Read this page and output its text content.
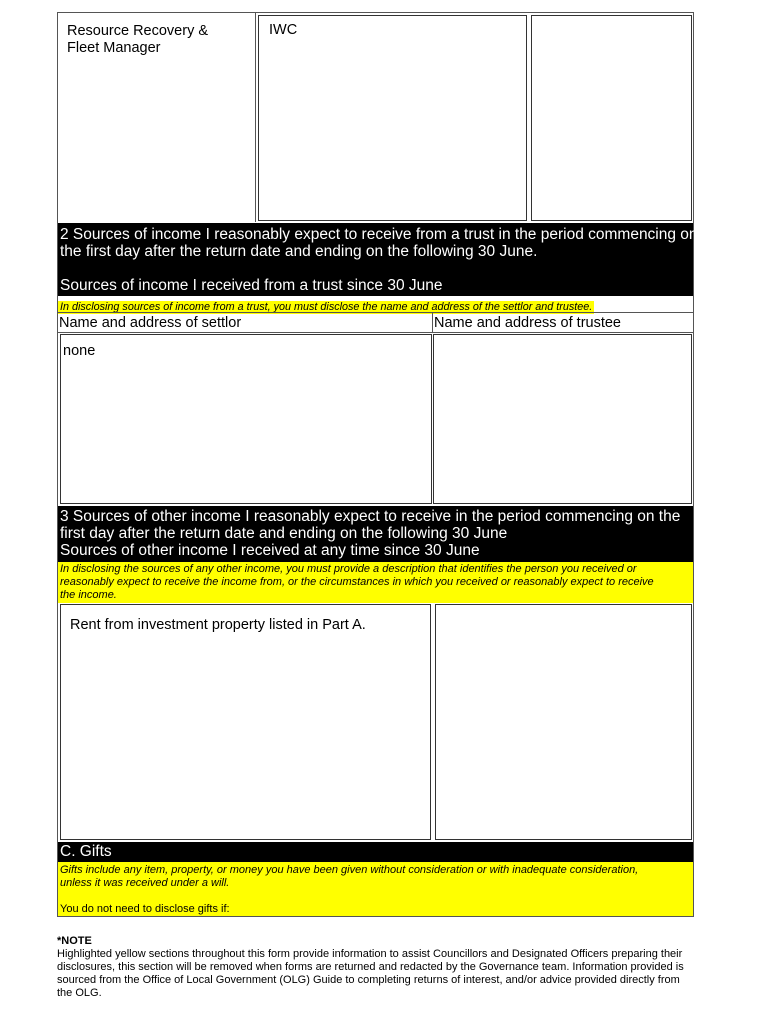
Resource Recovery & Fleet Manager
IWC
2 Sources of income I reasonably expect to receive from a trust in the period commencing on
the first day after the return date and ending on the following 30 June.
Sources of income I received from a trust since 30 June
In disclosing sources of income from a trust, you must disclose the name and address of the settlor and trustee.
Name and address of settlor	Name and address of trustee
none
3 Sources of other income I reasonably expect to receive in the period commencing on the
first day after the return date and ending on the following 30 June
Sources of other income I received at any time since 30 June
In disclosing the sources of any other income, you must provide a description that identifies the person you received or
reasonably expect to receive the income from, or the circumstances in which you received or reasonably expect to receive
the income.
Rent from investment property listed in Part A.
C. Gifts
Gifts include any item, property, or money you have been given without consideration or with inadequate consideration,
unless it was received under a will.
You do not need to disclose gifts if:
*NOTE
Highlighted yellow sections throughout this form provide information to assist Councillors and Designated Officers preparing their
disclosures, this section will be removed when forms are returned and redacted by the Governance team. Information provided is
sourced from the Office of Local Government (OLG) Guide to completing returns of interest, and/or advice provided directly from
the OLG.
